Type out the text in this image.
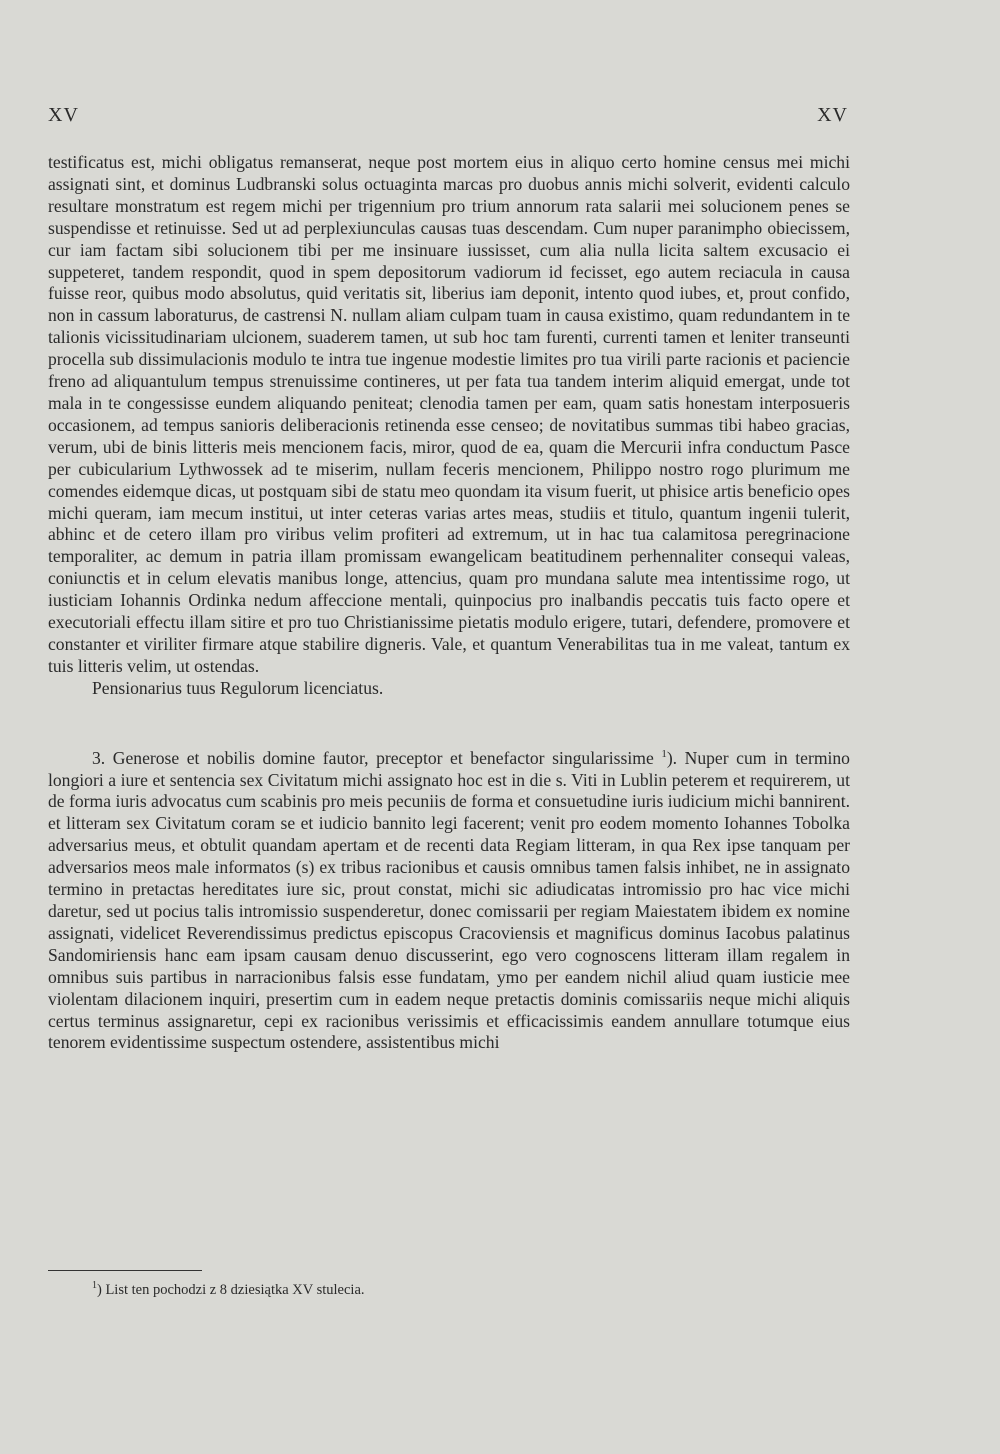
XV	XV

testificatus est, michi obligatus remanserat, neque post mortem eius in aliquo certo homine census mei michi assignati sint, et dominus Ludbranski solus octuaginta marcas pro duobus annis michi solverit, evidenti calculo resultare monstratum est regem michi per trigennium pro trium annorum rata salarii mei solucionem penes se suspendisse et retinuisse. Sed ut ad perplexiunculas causas tuas descendam. Cum nuper paranimpho obiecissem, cur iam factam sibi solucionem tibi per me insinuare iussisset, cum alia nulla licita saltem excusacio ei suppeteret, tandem respondit, quod in spem depositorum vadiorum id fecisset, ego autem reciacula in causa fuisse reor, quibus modo absolutus, quid veritatis sit, liberius iam deponit, intento quod iubes, et, prout confido, non in cassum laboraturus, de castrensi N. nullam aliam culpam tuam in causa existimo, quam redundantem in te talionis vicissitudinariam ulcionem, suaderem tamen, ut sub hoc tam furenti, currenti tamen et leniter transeunti procella sub dissimulacionis modulo te intra tue ingenue modestie limites pro tua virili parte racionis et paciencie freno ad aliquantulum tempus strenuissime contineres, ut per fata tua tandem interim aliquid emergat, unde tot mala in te congessisse eundem aliquando peniteat; clenodia tamen per eam, quam satis honestam interposueris occasionem, ad tempus sanioris deliberacionis retinenda esse censeo; de novitatibus summas tibi habeo gracias, verum, ubi de binis litteris meis mencionem facis, miror, quod de ea, quam die Mercurii infra conductum Pasce per cubicularium Lythwossek ad te miserim, nullam feceris mencionem, Philippo nostro rogo plurimum me comendes eidemque dicas, ut postquam sibi de statu meo quondam ita visum fuerit, ut phisice artis beneficio opes michi queram, iam mecum institui, ut inter ceteras varias artes meas, studiis et titulo, quantum ingenii tulerit, abhinc et de cetero illam pro viribus velim profiteri ad extremum, ut in hac tua calamitosa peregrinacione temporaliter, ac demum in patria illam promissam ewangelicam beatitudinem perhennaliter consequi valeas, coniunctis et in celum elevatis manibus longe, attencius, quam pro mundana salute mea intentissime rogo, ut iusticiam Iohannis Ordinka nedum affeccione mentali, quinpocius pro inalbandis peccatis tuis facto opere et executoriali effectu illam sitire et pro tuo Christianissime pietatis modulo erigere, tutari, defendere, promovere et constanter et viriliter firmare atque stabilire digneris. Vale, et quantum Venerabilitas tua in me valeat, tantum ex tuis litteris velim, ut ostendas.

Pensionarius tuus Regulorum licenciatus.

3. Generose et nobilis domine fautor, preceptor et benefactor singularissime $^1$). Nuper cum in termino longiori a iure et sentencia sex Civitatum michi assignato hoc est in die s. Viti in Lublin peterem et requirerem, ut de forma iuris advocatus cum scabinis pro meis pecuniis de forma et consuetudine iuris iudicium michi bannirent. et litteram sex Civitatum coram se et iudicio bannito legi facerent; venit pro eodem momento Iohannes Tobolka adversarius meus, et obtulit quandam apertam et de recenti data Regiam litteram, in qua Rex ipse tanquam per adversarios meos male informatos (s) ex tribus racionibus et causis omnibus tamen falsis inhibet, ne in assignato termino in pretactas hereditates iure sic, prout constat, michi sic adiudicatas intromissio pro hac vice michi daretur, sed ut pocius talis intromissio suspenderetur, donec comissarii per regiam Maiestatem ibidem ex nomine assignati, videlicet Reverendissimus predictus episcopus Cracoviensis et magnificus dominus Iacobus palatinus Sandomiriensis hanc eam ipsam causam denuo discusserint, ego vero cognoscens litteram illam regalem in omnibus suis partibus in narracionibus falsis esse fundatam, ymo per eandem nichil aliud quam iusticie mee violentam dilacionem inquiri, presertim cum in eadem neque pretactis dominis comissariis neque michi aliquis certus terminus assignaretur, cepi ex racionibus verissimis et efficacissimis eandem annullare totumque eius tenorem evidentissime suspectum ostendere, assistentibus michi

$^1$) List ten pochodzi z 8 dziesiątka XV stulecia.
